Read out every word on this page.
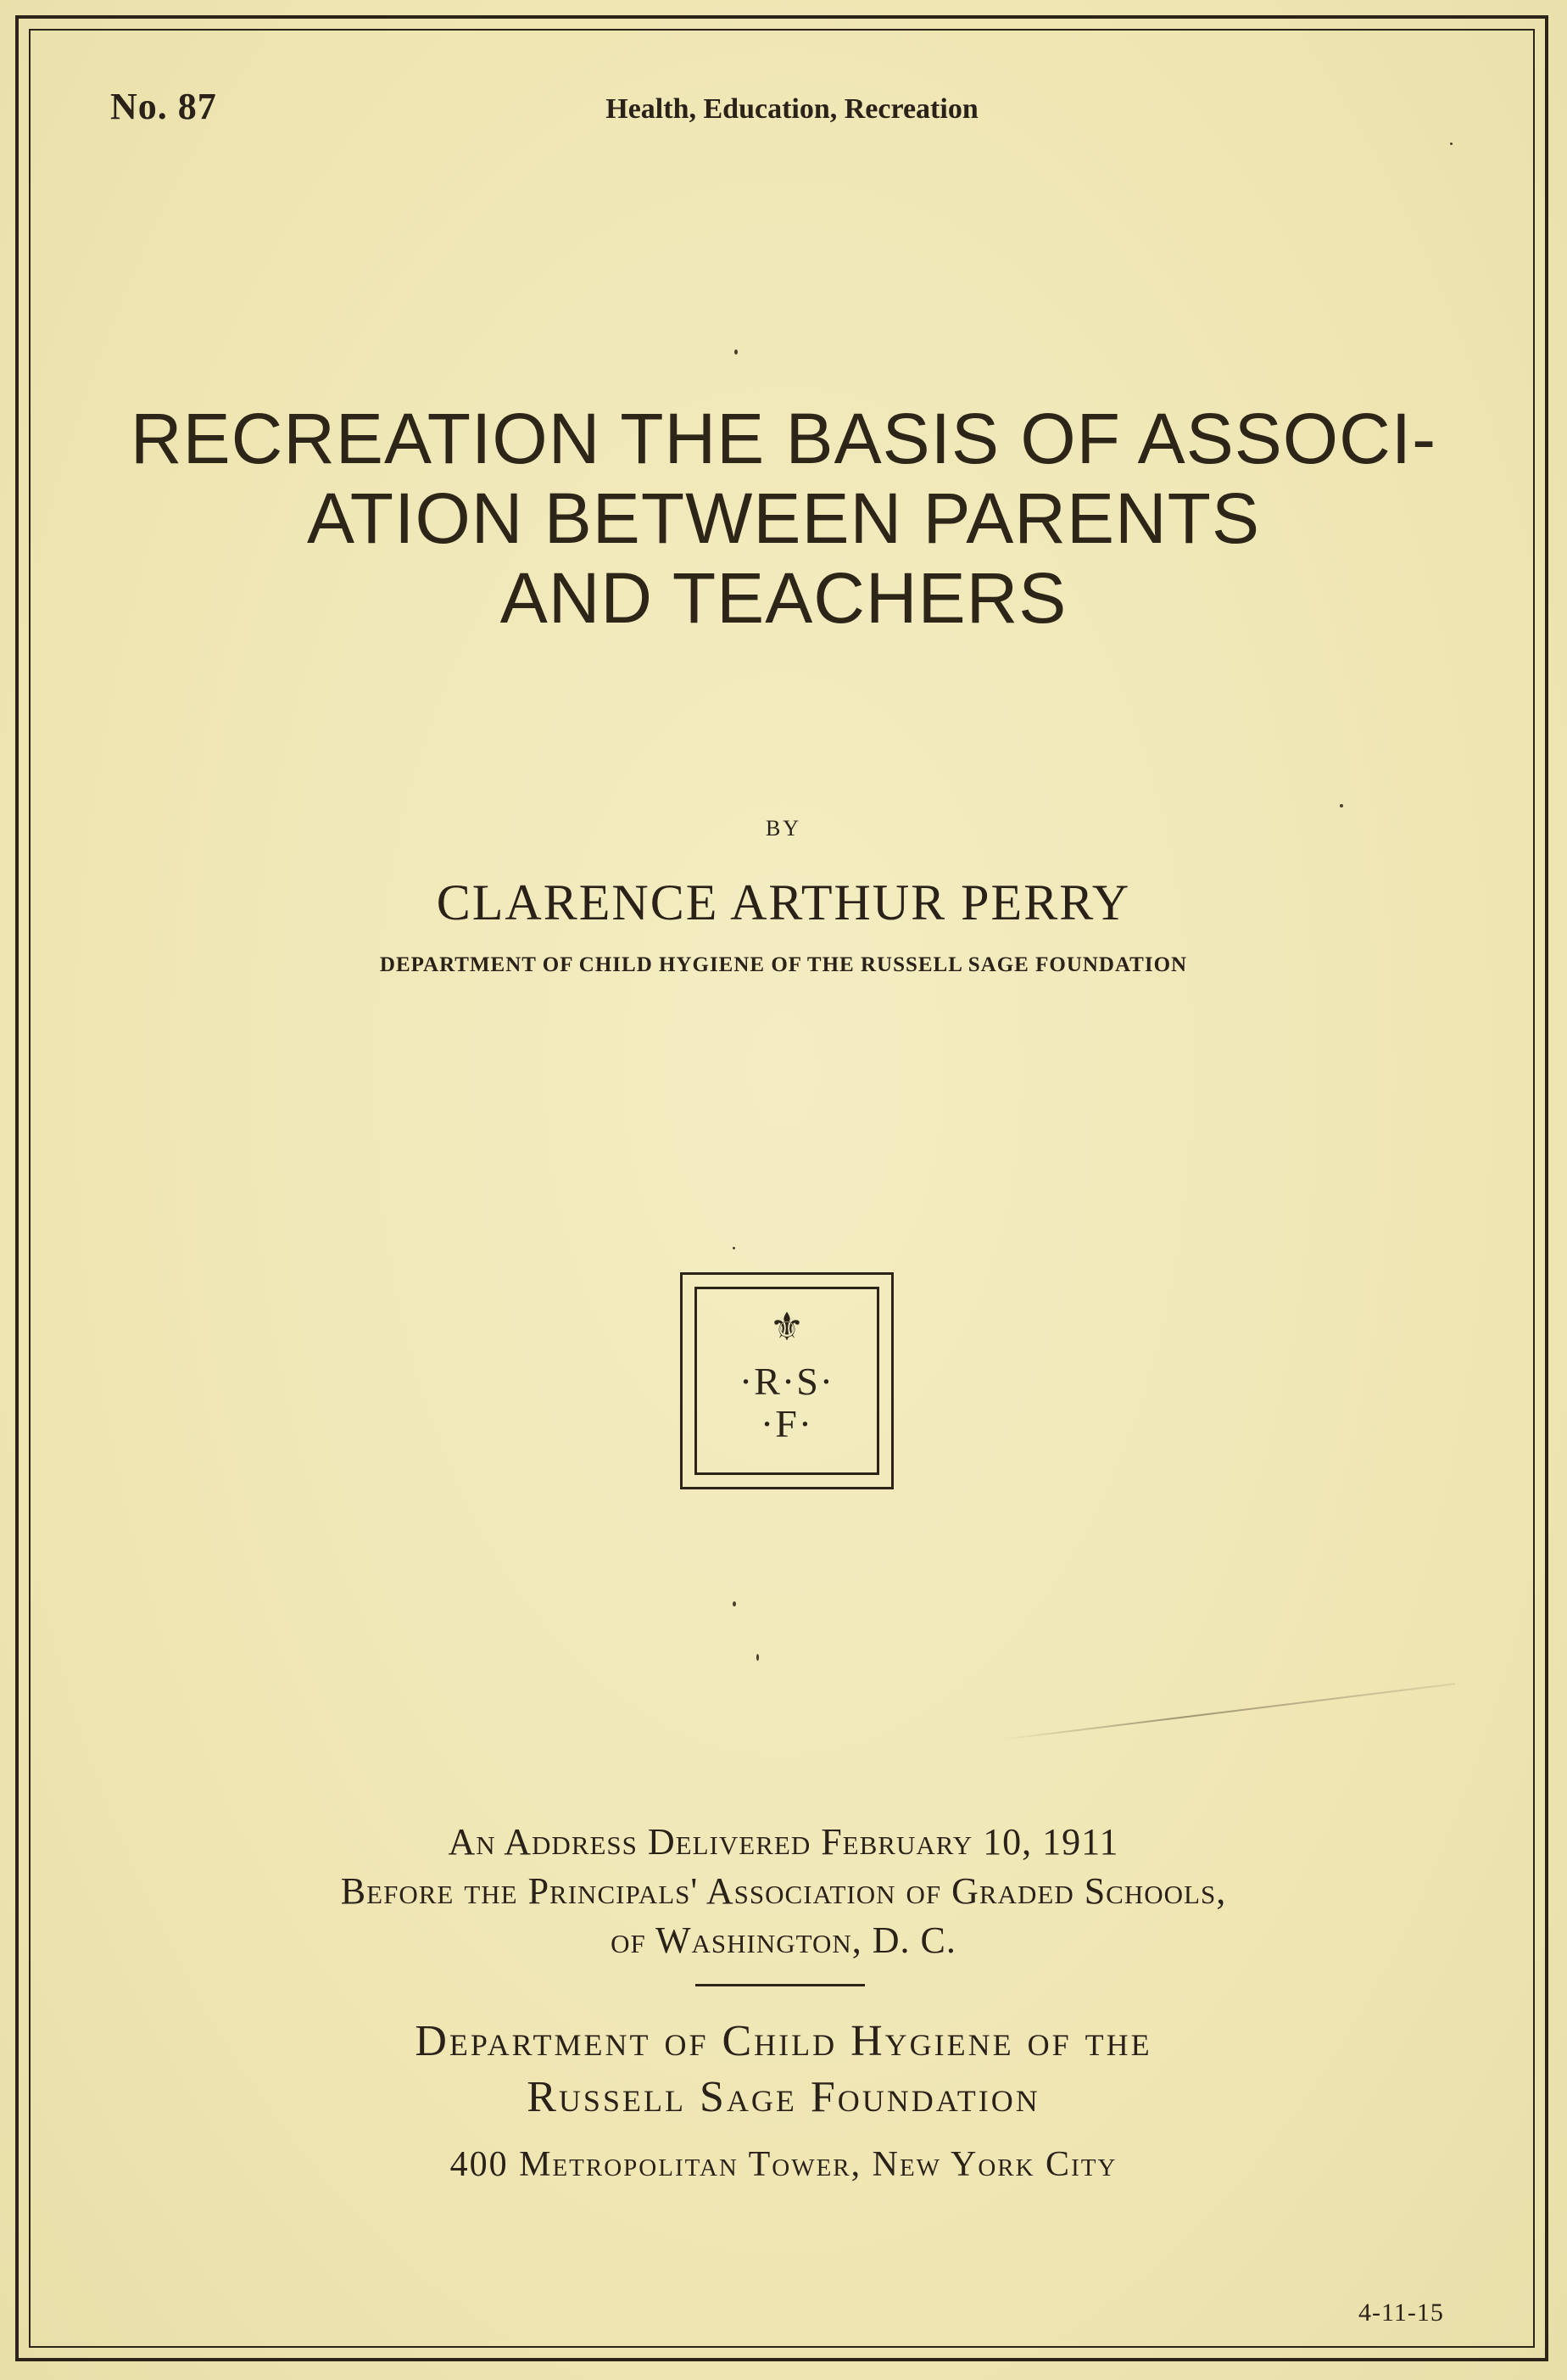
No. 87	Health, Education, Recreation
RECREATION THE BASIS OF ASSOCI-
ATION BETWEEN PARENTS
AND TEACHERS
BY
CLARENCE ARTHUR PERRY
DEPARTMENT OF CHILD HYGIENE OF THE RUSSELL SAGE FOUNDATION
⚜
·R·S·
·F·
An Address Delivered February 10, 1911
Before the Principals' Association of Graded Schools,
of Washington, D. C.
Department of Child Hygiene of the
Russell Sage Foundation
400 Metropolitan Tower, New York City
4-11-15
